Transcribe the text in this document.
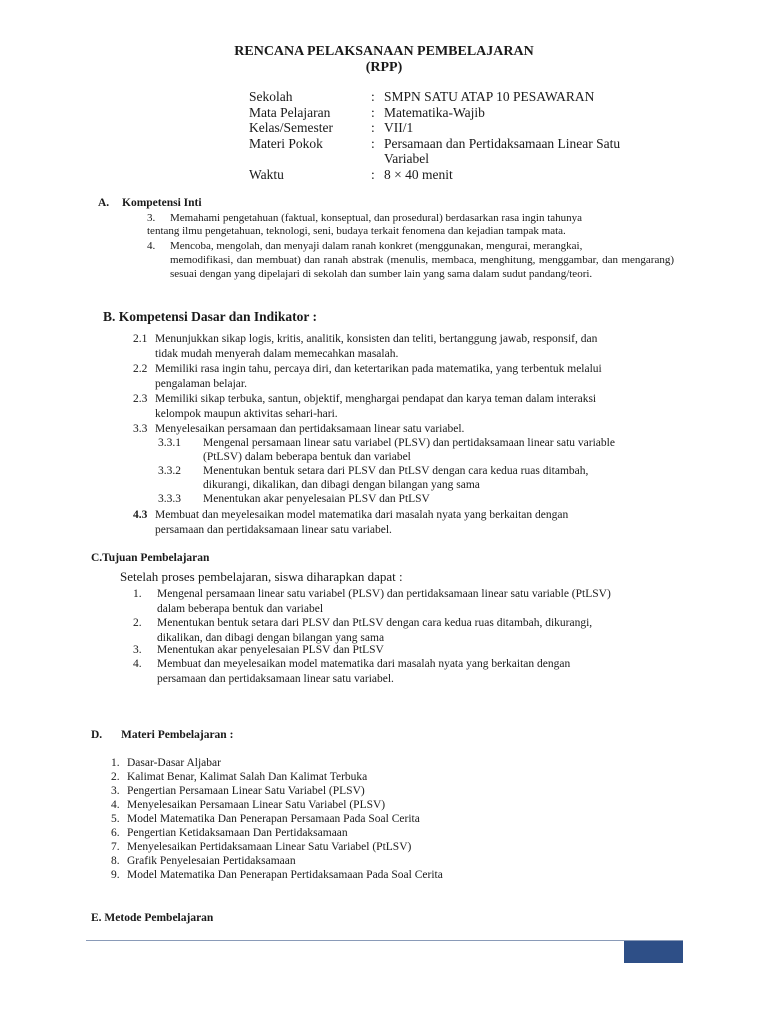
RENCANA PELAKSANAAN PEMBELAJARAN
(RPP)
Sekolah	: SMPN SATU ATAP 10 PESAWARAN
Mata Pelajaran	: Matematika-Wajib
Kelas/Semester	: VII/1
Materi Pokok	: Persamaan dan Pertidaksamaan Linear Satu
Variabel
Waktu	: 8 × 40 menit
A. Kompetensi Inti
3. Memahami pengetahuan (faktual, konseptual, dan prosedural) berdasarkan rasa ingin tahunya
tentang ilmu pengetahuan, teknologi, seni, budaya terkait fenomena dan kejadian tampak mata.
4. Mencoba, mengolah, dan menyaji dalam ranah konkret (menggunakan, mengurai, merangkai,
memodifikasi, dan membuat) dan ranah abstrak (menulis, membaca, menghitung, menggambar, dan mengarang) sesuai dengan yang dipelajari di sekolah dan sumber lain yang sama dalam sudut pandang/teori.
B. Kompetensi Dasar dan Indikator :
2.1 Menunjukkan sikap logis, kritis, analitik, konsisten dan teliti, bertanggung jawab, responsif, dan
tidak mudah menyerah dalam memecahkan masalah.
2.2 Memiliki rasa ingin tahu, percaya diri, dan ketertarikan pada matematika, yang terbentuk melalui
pengalaman belajar.
2.3 Memiliki sikap terbuka, santun, objektif, menghargai pendapat dan karya teman dalam interaksi
kelompok maupun aktivitas sehari-hari.
3.3 Menyelesaikan persamaan dan pertidaksamaan linear satu variabel.
3.3.1 Mengenal persamaan linear satu variabel (PLSV) dan pertidaksamaan linear satu variable
(PtLSV) dalam beberapa bentuk dan variabel
3.3.2 Menentukan bentuk setara dari PLSV dan PtLSV dengan cara kedua ruas ditambah,
dikurangi, dikalikan, dan dibagi dengan bilangan yang sama
3.3.3 Menentukan akar penyelesaian PLSV dan PtLSV
4.3 Membuat dan meyelesaikan model matematika dari masalah nyata yang berkaitan dengan
persamaan dan pertidaksamaan linear satu variabel.
C.Tujuan Pembelajaran
Setelah proses pembelajaran, siswa diharapkan dapat :
1. Mengenal persamaan linear satu variabel (PLSV) dan pertidaksamaan linear satu variable (PtLSV)
dalam beberapa bentuk dan variabel
2. Menentukan bentuk setara dari PLSV dan PtLSV dengan cara kedua ruas ditambah, dikurangi,
dikalikan, dan dibagi dengan bilangan yang sama
3. Menentukan akar penyelesaian PLSV dan PtLSV
4. Membuat dan meyelesaikan model matematika dari masalah nyata yang berkaitan dengan
persamaan dan pertidaksamaan linear satu variabel.
D. Materi Pembelajaran :
1. Dasar-Dasar Aljabar
2. Kalimat Benar, Kalimat Salah Dan Kalimat Terbuka
3. Pengertian Persamaan Linear Satu Variabel (PLSV)
4. Menyelesaikan Persamaan Linear Satu Variabel (PLSV)
5. Model Matematika Dan Penerapan Persamaan Pada Soal Cerita
6. Pengertian Ketidaksamaan Dan Pertidaksamaan
7. Menyelesaikan Pertidaksamaan Linear Satu Variabel (PtLSV)
8. Grafik Penyelesaian Pertidaksamaan
9. Model Matematika Dan Penerapan Pertidaksamaan Pada Soal Cerita
E. Metode Pembelajaran
